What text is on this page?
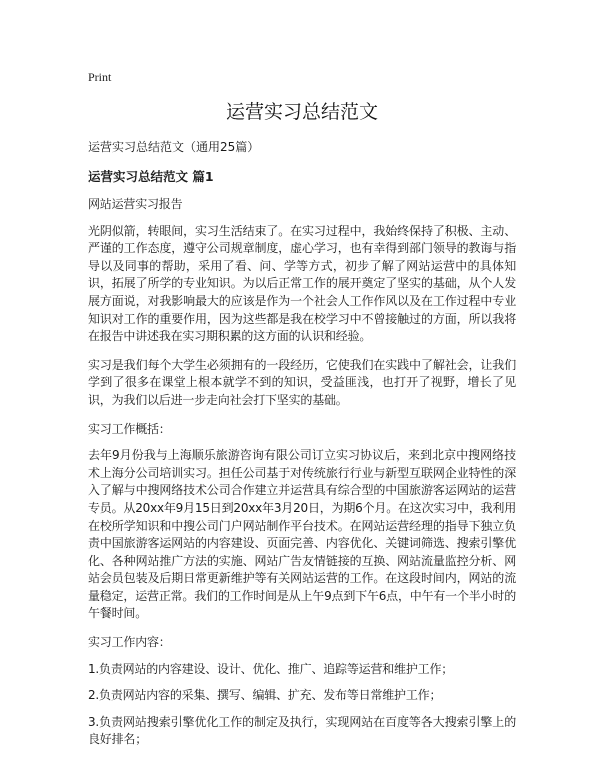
Print
运营实习总结范文

运营实习总结范文（通用25篇）

运营实习总结范文 篇1

网站运营实习报告

光阴似箭，转眼间，实习生活结束了。在实习过程中，我始终保持了积极、主动、严谨的工作态度，遵守公司规章制度，虚心学习，也有幸得到部门领导的教诲与指导以及同事的帮助，采用了看、问、学等方式，初步了解了网站运营中的具体知识，拓展了所学的专业知识。为以后正常工作的展开奠定了坚实的基础，从个人发展方面说，对我影响最大的应该是作为一个社会人工作作风以及在工作过程中专业知识对工作的重要作用，因为这些都是我在校学习中不曾接触过的方面，所以我将在报告中讲述我在实习期积累的这方面的认识和经验。

实习是我们每个大学生必须拥有的一段经历，它使我们在实践中了解社会，让我们学到了很多在课堂上根本就学不到的知识，受益匪浅，也打开了视野，增长了见识，为我们以后进一步走向社会打下坚实的基础。

实习工作概括：

去年9月份我与上海顺乐旅游咨询有限公司订立实习协议后，来到北京中搜网络技术上海分公司培训实习。担任公司基于对传统旅行行业与新型互联网企业特性的深入了解与中搜网络技术公司合作建立并运营具有综合型的中国旅游客运网站的运营专员。从20xx年9月15日到20xx年3月20日，为期6个月。在这次实习中，我利用在校所学知识和中搜公司门户网站制作平台技术。在网站运营经理的指导下独立负责中国旅游客运网站的内容建设、页面完善、内容优化、关键词筛选、搜索引擎优化、各种网站推广方法的实施、网站广告友情链接的互换、网站流量监控分析、网站会员包装及后期日常更新维护等有关网站运营的工作。在这段时间内，网站的流量稳定，运营正常。我们的工作时间是从上午9点到下午6点，中午有一个半小时的午餐时间。

实习工作内容：

1.负责网站的内容建设、设计、优化、推广、追踪等运营和维护工作；

2.负责网站内容的采集、撰写、编辑、扩充、发布等日常维护工作；

3.负责网站搜索引擎优化工作的制定及执行，实现网站在百度等各大搜索引擎上的良好排名；
